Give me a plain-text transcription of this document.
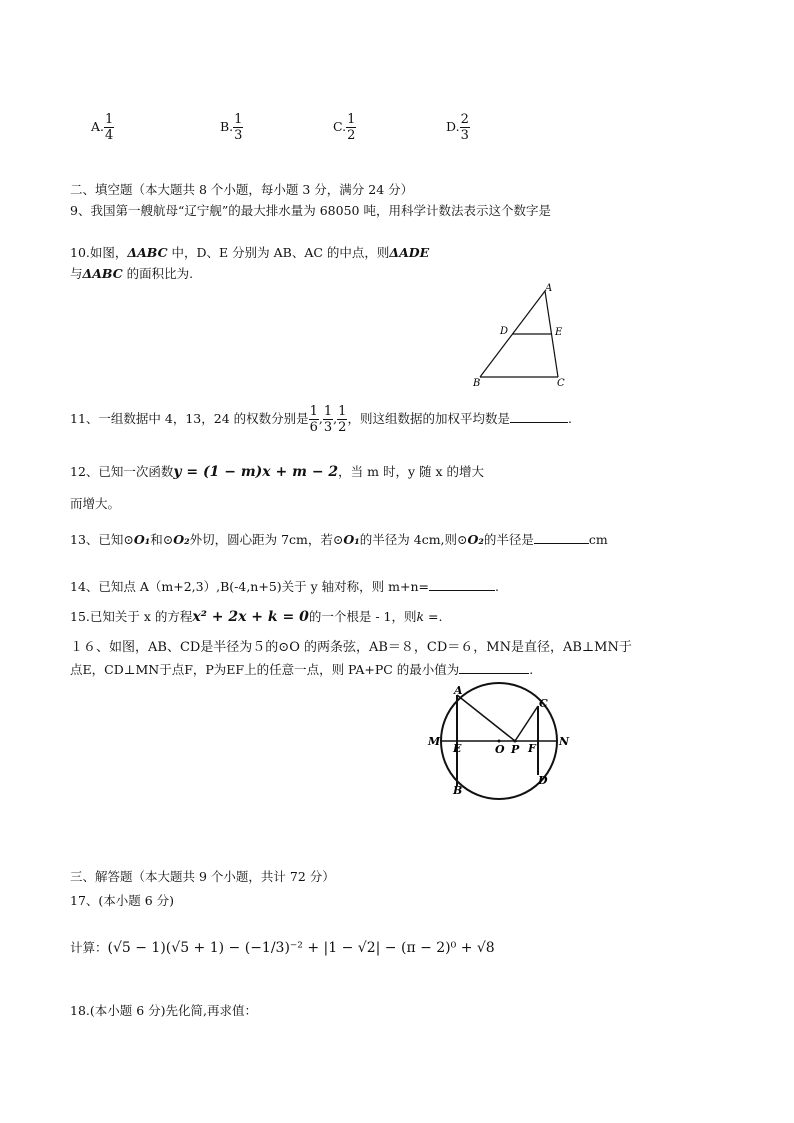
A. $\frac{1}{4}$	B. $\frac{1}{3}$	C. $\frac{1}{2}$	D. $\frac{2}{3}$
二、填空题（本大题共 8 个小题，每小题 3 分，满分 24 分）
9、我国第一艘航母“辽宁舰”的最大排水量为 68050 吨，用科学计数法表示这个数字是
10.如图，ΔABC 中，D、E 分别为 AB、AC 的中点，则ΔADE
与ΔABC 的面积比为.
A
B	C
D	E
11、一组数据中 4，13，24 的权数分别是 $\frac{1}{6}$ , $\frac{1}{3}$ , $\frac{1}{2}$ ，则这组数据的加权平均数是	.
12、已知一次函数y = (1 − m)x + m − 2，当 m 时，y 随 x 的增大
而增大。
13、已知⊙O₁和⊙O₂外切，圆心距为 7cm，若⊙O₁的半径为 4cm,则⊙O₂的半径是	cm
14、已知点 A（m+2,3）,B(-4,n+5)关于 y 轴对称，则 m+n=	.
15.已知关于 x 的方程x² + 2x + k = 0的一个根是 - 1，则k =.
１６、如图，AB、CD是半径为５的⊙O 的两条弦，AB＝８，CD＝６，MN是直径，AB⊥MN于
点E，CD⊥MN于点F，P为EF上的任意一点，则 PA+PC 的最小值为	.
A
B
C
D
E	F
M	N
O P
三、解答题（本大题共 9 个小题，共计 72 分）
17、(本小题 6 分)
计算：(√5 − 1)(√5 + 1) − (−1/3)⁻² + |1 − √2| − (π − 2)⁰ + √8
18.(本小题 6 分)先化简,再求值：
